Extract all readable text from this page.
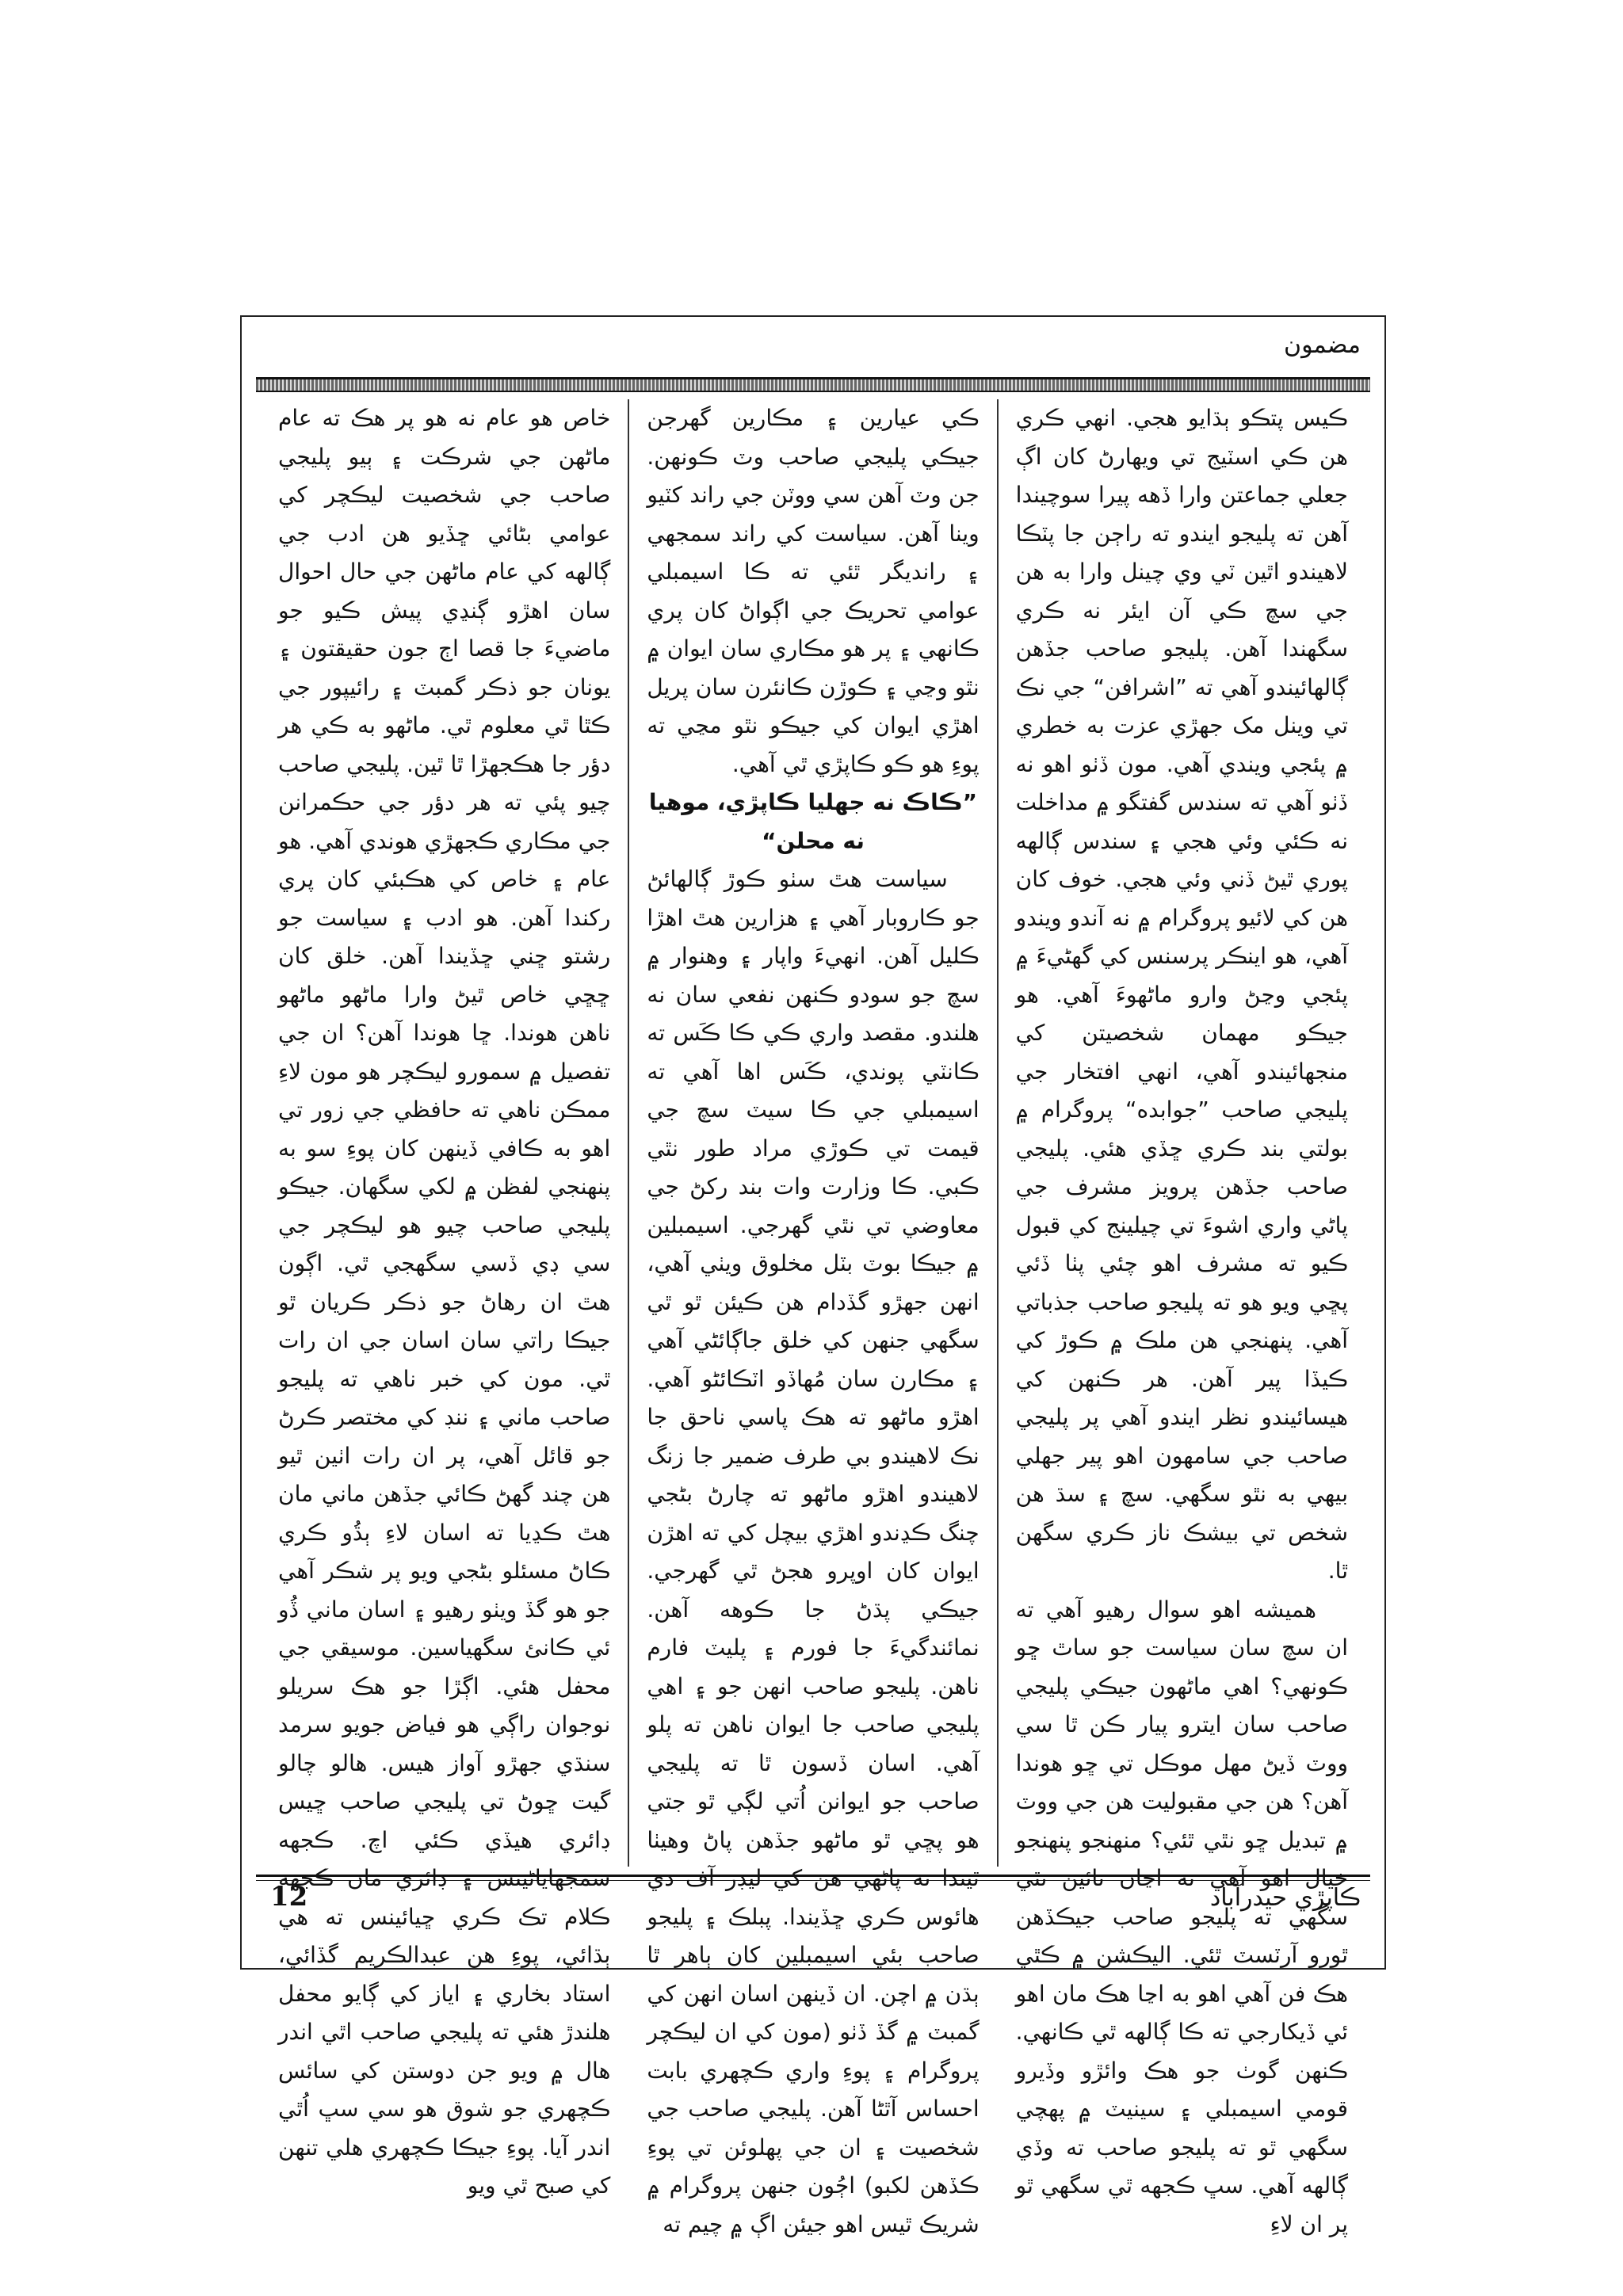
مضمون

ڪيس پتڪو ٻڌايو هجي. انهي ڪري هن ڪي اسٽيج تي ويهارڻ کان اڳ جعلي جماعتن وارا ڏهه پيرا سوچيندا آهن ته پليجو ايندو ته راڄن جا پٽڪا لاهيندو اٿين ٽي وي چينل وارا به هن جي سچ ڪي آن ايئر نه ڪري سگهندا آهن. پليجو صاحب جڏهن ڳالهائيندو آهي ته ”اشرافن“ جي نڪ تي وينل مک جهڙي عزت به خطري ۾ پئجي ويندي آهي. مون ڏٺو اهو نه ڏٺو آهي ته سندس گفتگو ۾ مداخلت نه ڪئي وئي هجي ۽ سندس ڳالهه پوري ٿيڻ ڏني وئي هجي. خوف کان هن کي لائيو پروگرام ۾ نه آندو ويندو آهي، هو اينڪر پرسنس کي گهڻيءَ ۾ پئجي وڃڻ وارو ماڻهوءَ آهي. هو جيڪو مهمان شخصيتن کي منجهائيندو آهي، انهي افتخار جي پليجي صاحب ”جوابده“ پروگرام ۾ بولتي بند ڪري ڇڏي هئي. پليجي صاحب جڏهن پرويز مشرف جي پاڻي واري اشوءَ تي چيلينج کي قبول ڪيو ته مشرف اهو چئي پٺا ڏئي پڇي ويو هو ته پليجو صاحب جذباتي آهي. پنهنجي هن ملڪ ۾ ڪوڙ کي ڪيڏا پير آهن. هر ڪنهن کي هيسائيندو نظر ايندو آهي پر پليجي صاحب جي سامهون اهو پير جهلي بيهي به نٿو سگهي. سچ ۽ سڌ هن شخص تي بيشڪ ناز ڪري سگهن ٿا.

هميشه اهو سوال رهيو آهي ته ان سچ سان سياست جو ساٿ ڇو ڪونهي؟ اهي ماڻهون جيڪي پليجي صاحب سان ايترو پيار ڪن ٿا سي ووٽ ڏيڻ مهل موڪل تي ڇو هوندا آهن؟ هن جي مقبوليت هن جي ووٽ ۾ تبديل ڇو نٿي ٿئي؟ منهنجو پنهنجو خيال اهو آهي ته اڃان تائين نٿي سگهي ته پليجو صاحب جيڪڏهن ٿورو آرٽسٽ ٿئي. اليڪشن ۾ ڪٿي هڪ فن آهي اهو به اڃا هڪ مان اهو ئي ڏيکارجي ته ڪا ڳالهه ٿي ڪانهي. ڪنهن گوٺ جو هڪ وائڙو وڏيرو قومي اسيمبلي ۽ سينيٽ ۾ پهچي سگهي ٿو ته پليجو صاحب ته وڏي ڳالهه آهي. سڀ ڪجهه ٿي سگهي ٿو پر ان لاءِ

ڪي عيارين ۽ مڪارين گهرجن جيڪي پليجي صاحب وٽ ڪونهن. جن وٽ آهن سي ووٽن جي راند کٽيو وينا آهن. سياست کي راند سمجهي ۽ رانديگر ٿئي ته ڪا اسيمبلي عوامي تحريڪ جي اڳواڻ کان پري ڪانهي ۽ پر هو مڪاري سان ايوان ۾ نٿو وڃي ۽ ڪوڙن ڪانئرن سان پريل اهڙي ايوان کي جيڪو نٿو مڃي ته پوءِ هو ڪو ڪاپڙي ٿي آهي.

”ڪاڪ نه جهليا ڪاپڙي، موهيا نه محلن“

سياست هٿ سٺو ڪوڙ ڳالهائڻ جو ڪاروبار آهي ۽ هزارين هٿ اهڙا ڪليل آهن. انهيءَ واپار ۽ وهنوار ۾ سچ جو سودو ڪنهن نفعي سان نه هلندو. مقصد واري ڪي ڪا ڪَس ته ڪانٽي پوندي، ڪَس اها آهي ته اسيمبلي جي ڪا سيٽ سچ جي قيمت تي ڪوڙي مراد طور نٿي ڪبي. ڪا وزارت وات بند رکڻ جي معاوضي تي نٿي گهرجي. اسيمبلين ۾ جيڪا بوٽ بٽل مخلوق ويٺي آهي، انهن جهڙو گڏدام هن ڪيئن ٿو ٿي سگهي جنهن کي خلق جاڳائڻي آهي ۽ مڪارن سان مُهاڏو اٽڪائڻو آهي. اهڙو ماڻهو ته هڪ پاسي ناحق جا نڪ لاهيندو بي طرف ضمير جا زنگ لاهيندو اهڙو ماڻهو ته چارڻ بڻجي چنگ ڪڍندو اهڙي بيچل کي ته اهڙن ايوان کان اوپرو هجڻ ٿي گهرجي. جيڪي پڌڻ جا ڪوهه آهن. نمائندگيءَ جا فورم ۽ پليٽ فارم ناهن. پليجو صاحب انهن جو ۽ اهي پليجي صاحب جا ايوان ناهن ته پلو آهي. اسان ڏسون ٿا ته پليجي صاحب جو ايوانن اُتي لڳي ٿو جتي هو پڇي ٿو ماڻهو جڏهن پاڻ وهيٺا ٿيندا ته پاڻهي هن کي ليڊر آف دي هائوس ڪري ڇڏيندا. پبلڪ ۽ پليجو صاحب بئي اسيمبلين کان ٻاهر ٿا ٻڌن ۾ اچن. ان ڏينهن اسان انهن کي گمبٽ ۾ گڏ ڏٺو (مون کي ان ليڪچر پروگرام ۽ پوءِ واري ڪچهري بابت احساس آٿڻا آهن. پليجي صاحب جي شخصيت ۽ ان جي پهلوئن تي پوءِ ڪڏهن لکبو) اڄُون جنهن پروگرام ۾ شريڪ ٿيس اهو جيئن اڳ ۾ چيم ته

خاص هو عام نه هو پر هڪ ته عام ماڻهن جي شرڪت ۽ ٻيو پليجي صاحب جي شخصيت ليڪچر کي عوامي بڻائي ڇڏيو هن ادب جي ڳالهه کي عام ماڻهن جي حال احوال سان اهڙو ڳنڍي پيش ڪيو جو ماضيءَ جا قصا اڄ جون حقيقتون ۽ يونان جو ذڪر گمبٽ ۽ رائيپور جي ڪٿا ٿي معلوم ٿي. ماڻهو به ڪي هر دؤر جا هڪجهڙا ٿا ٿين. پليجي صاحب چيو پئي ته هر دؤر جي حڪمرانن جي مڪاري ڪجهڙي هوندي آهي. هو عام ۽ خاص کي هڪبئي کان پري رکندا آهن. هو ادب ۽ سياست جو رشتو ڇني ڇڏيندا آهن. خلق کان ڇڇي خاص ٿيڻ وارا ماڻهو ماڻهو ناهن هوندا. ڇا هوندا آهن؟ ان جي تفصيل ۾ سمورو ليڪچر هو مون لاءِ ممڪن ناهي ته حافظي جي زور تي اهو به ڪافي ڏينهن کان پوءِ سو به پنهنجي لفظن ۾ لکي سگهان. جيڪو پليجي صاحب چيو هو ليڪچر جي سي ڊي ڏسي سگهجي ٿي. اڳون هٿ ان رهاڻ جو ذڪر ڪريان ٿو جيڪا راتي سان اسان جي ان رات ٿي. مون کي خبر ناهي ته پليجو صاحب ماني ۽ ننڊ کي مختصر ڪرڻ جو قائل آهي، پر ان رات اٺين ٿيو هن چند گهڻ ڪائي جڏهن ماني مان هٿ ڪڍيا ته اسان لاءِ ٻڌُو ڪري ڪاڻ مسئلو بڻجي ويو پر شڪر آهي جو هو گڏ ويٺو رهيو ۽ اسان ماني ڏُو ئي ڪانئ سگهياسين. موسيقي جي محفل هئي. اڳڙا جو هڪ سريلو نوجوان راڳي هو فياض جويو سرمد سنڌي جهڙو آواز هيس. هالو چالو گيت ڇوڻ تي پليجي صاحب ڇيس ڊائري هيڏي ڪئي اچ. ڪجهه سمجهاياڻينس ۽ ڊائري مان ڪجهه ڪلام تڪ ڪري ڇيائينس ته هي ٻڌائي، پوءِ هن عبدالڪريم گڏائي، استاد بخاري ۽ اياز کي ڳايو محفل هلندڙ هئي ته پليجي صاحب اٿي اندر هال ۾ ويو جن دوستن کي سائس ڪچهري جو شوق هو سي سڀ اُٿي اندر آيا. پوءِ جيڪا ڪچهري هلي تنهن کي صبح ٿي ويو

ڪاپڙي حيدرآباد
12
